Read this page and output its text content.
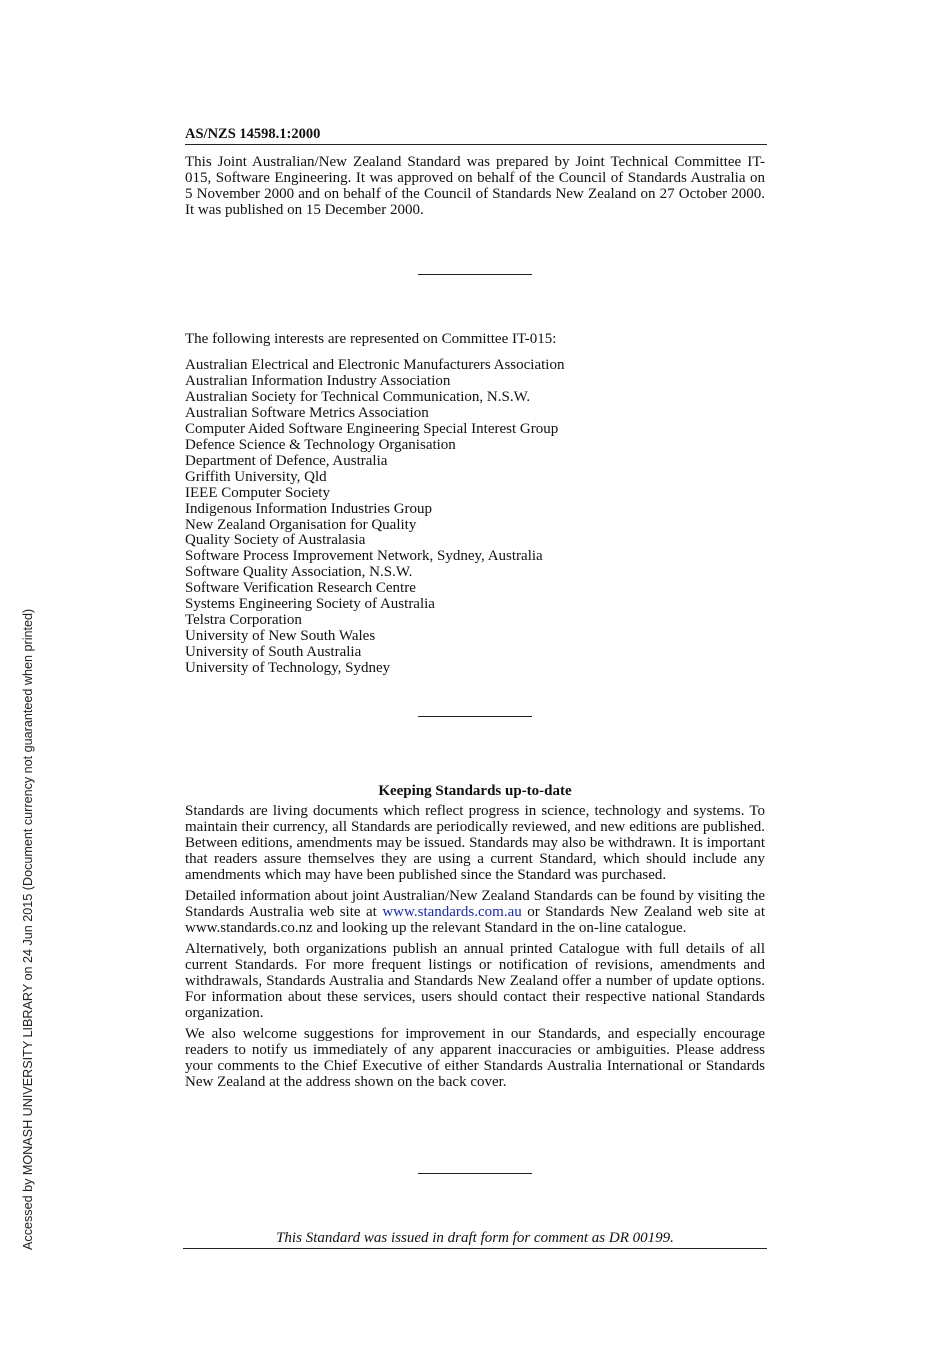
AS/NZS 14598.1:2000

This Joint Australian/New Zealand Standard was prepared by Joint Technical Committee IT-015, Software Engineering. It was approved on behalf of the Council of Standards Australia on 5 November 2000 and on behalf of the Council of Standards New Zealand on 27 October 2000. It was published on 15 December 2000.

The following interests are represented on Committee IT-015:
Australian Electrical and Electronic Manufacturers Association
Australian Information Industry Association
Australian Society for Technical Communication, N.S.W.
Australian Software Metrics Association
Computer Aided Software Engineering Special Interest Group
Defence Science & Technology Organisation
Department of Defence, Australia
Griffith University, Qld
IEEE Computer Society
Indigenous Information Industries Group
New Zealand Organisation for Quality
Quality Society of Australasia
Software Process Improvement Network, Sydney, Australia
Software Quality Association, N.S.W.
Software Verification Research Centre
Systems Engineering Society of Australia
Telstra Corporation
University of New South Wales
University of South Australia
University of Technology, Sydney
Keeping Standards up-to-date

Standards are living documents which reflect progress in science, technology and systems. To maintain their currency, all Standards are periodically reviewed, and new editions are published. Between editions, amendments may be issued. Standards may also be withdrawn. It is important that readers assure themselves they are using a current Standard, which should include any amendments which may have been published since the Standard was purchased.

Detailed information about joint Australian/New Zealand Standards can be found by visiting the Standards Australia web site at www.standards.com.au or Standards New Zealand web site at www.standards.co.nz and looking up the relevant Standard in the on-line catalogue.

Alternatively, both organizations publish an annual printed Catalogue with full details of all current Standards. For more frequent listings or notification of revisions, amendments and withdrawals, Standards Australia and Standards New Zealand offer a number of update options. For information about these services, users should contact their respective national Standards organization.

We also welcome suggestions for improvement in our Standards, and especially encourage readers to notify us immediately of any apparent inaccuracies or ambiguities. Please address your comments to the Chief Executive of either Standards Australia International or Standards New Zealand at the address shown on the back cover.

This Standard was issued in draft form for comment as DR 00199.
Accessed by MONASH UNIVERSITY LIBRARY on 24 Jun 2015 (Document currency not guaranteed when printed)
